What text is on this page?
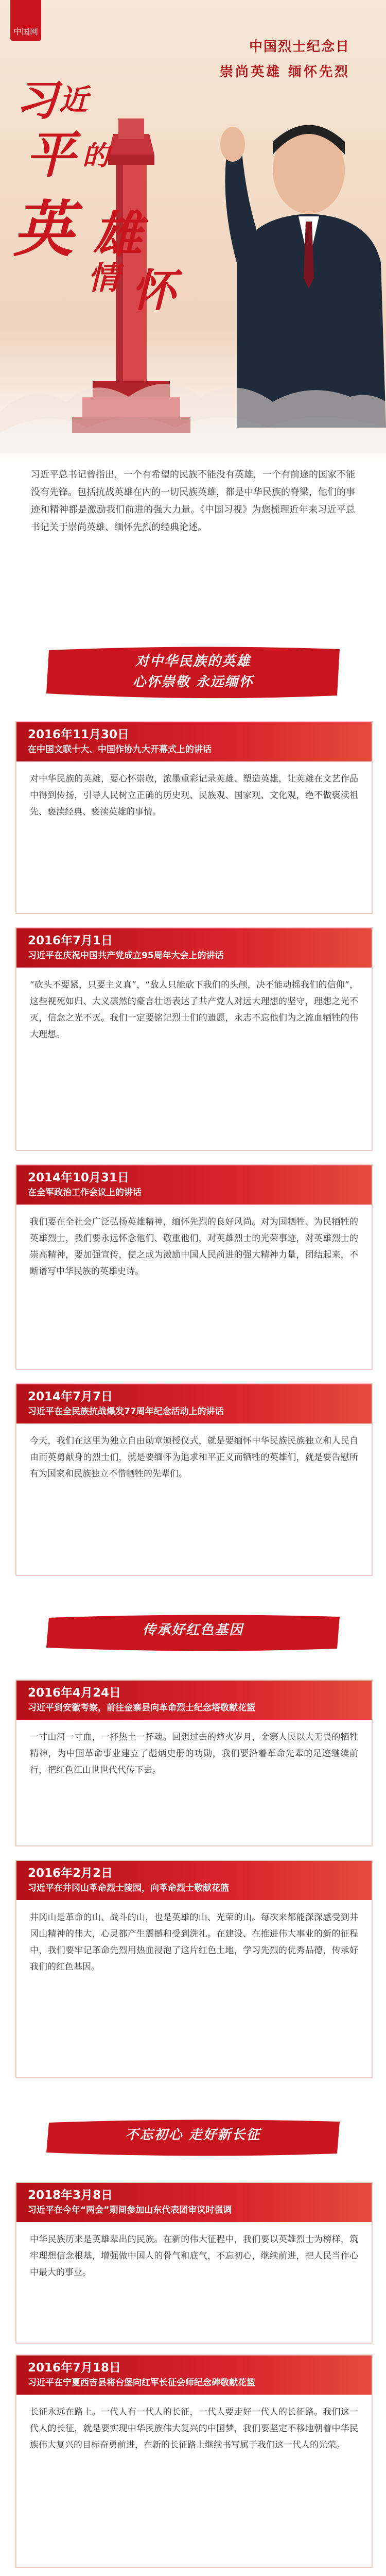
中国网
中国烈士纪念日
崇尚英雄 缅怀先烈
习 近
平 的
英 雄
情 怀
习近平总书记曾指出，一个有希望的民族不能没有英雄，一个有前途的国家不能没有先锋。包括抗战英雄在内的一切民族英雄，都是中华民族的脊梁，他们的事迹和精神都是激励我们前进的强大力量。《中国习视》为您梳理近年来习近平总书记关于崇尚英雄、缅怀先烈的经典论述。
对中华民族的英雄
心怀崇敬 永远缅怀
2016年11月30日
在中国文联十大、中国作协九大开幕式上的讲话
对中华民族的英雄，要心怀崇敬，浓墨重彩记录英雄、塑造英雄，让英雄在文艺作品中得到传扬，引导人民树立正确的历史观、民族观、国家观、文化观，绝不做亵渎祖先、亵渎经典、亵渎英雄的事情。
2016年7月1日
习近平在庆祝中国共产党成立95周年大会上的讲话
“砍头不要紧，只要主义真”，“敌人只能砍下我们的头颅，决不能动摇我们的信仰”，这些视死如归、大义凛然的豪言壮语表达了共产党人对远大理想的坚守，理想之光不灭，信念之光不灭。我们一定要铭记烈士们的遗愿，永志不忘他们为之流血牺牲的伟大理想。
2014年10月31日
在全军政治工作会议上的讲话
我们要在全社会广泛弘扬英雄精神，缅怀先烈的良好风尚。对为国牺牲、为民牺牲的英雄烈士，我们要永远怀念他们、敬重他们，对英雄烈士的光荣事迹，对英雄烈士的崇高精神，要加强宣传，使之成为激励中国人民前进的强大精神力量，团结起来，不断谱写中华民族的英雄史诗。
2014年7月7日
习近平在全民族抗战爆发77周年纪念活动上的讲话
今天，我们在这里为独立自由勋章颁授仪式，就是要缅怀中华民族民族独立和人民自由而英勇献身的烈士们，就是要缅怀为追求和平正义而牺牲的英雄们，就是要告慰所有为国家和民族独立不惜牺牲的先辈们。
传承好红色基因
2016年4月24日
习近平到安徽考察，前往金寨县向革命烈士纪念塔敬献花篮
一寸山河一寸血，一抔热土一抔魂。回想过去的烽火岁月，金寨人民以大无畏的牺牲精神，为中国革命事业建立了彪炳史册的功勋，我们要沿着革命先辈的足迹继续前行，把红色江山世世代代传下去。
2016年2月2日
习近平在井冈山革命烈士陵园，向革命烈士敬献花篮
井冈山是革命的山、战斗的山，也是英雄的山、光荣的山。每次来都能深深感受到井冈山精神的伟大，心灵都产生震撼和受到洗礼。在建设、在推进伟大事业的新的征程中，我们要牢记革命先烈用热血浸泡了这片红色土地，学习先烈的优秀品德，传承好我们的红色基因。
不忘初心 走好新长征
2018年3月8日
习近平在今年“两会”期间参加山东代表团审议时强调
中华民族历来是英雄辈出的民族。在新的伟大征程中，我们要以英雄烈士为榜样，筑牢理想信念根基，增强做中国人的骨气和底气，不忘初心，继续前进，把人民当作心中最大的事业。
2016年7月18日
习近平在宁夏西吉县将台堡向红军长征会师纪念碑敬献花篮
长征永远在路上。一代人有一代人的长征，一代人要走好一代人的长征路。我们这一代人的长征，就是要实现中华民族伟大复兴的中国梦，我们要坚定不移地朝着中华民族伟大复兴的目标奋勇前进，在新的长征路上继续书写属于我们这一代人的光荣。
